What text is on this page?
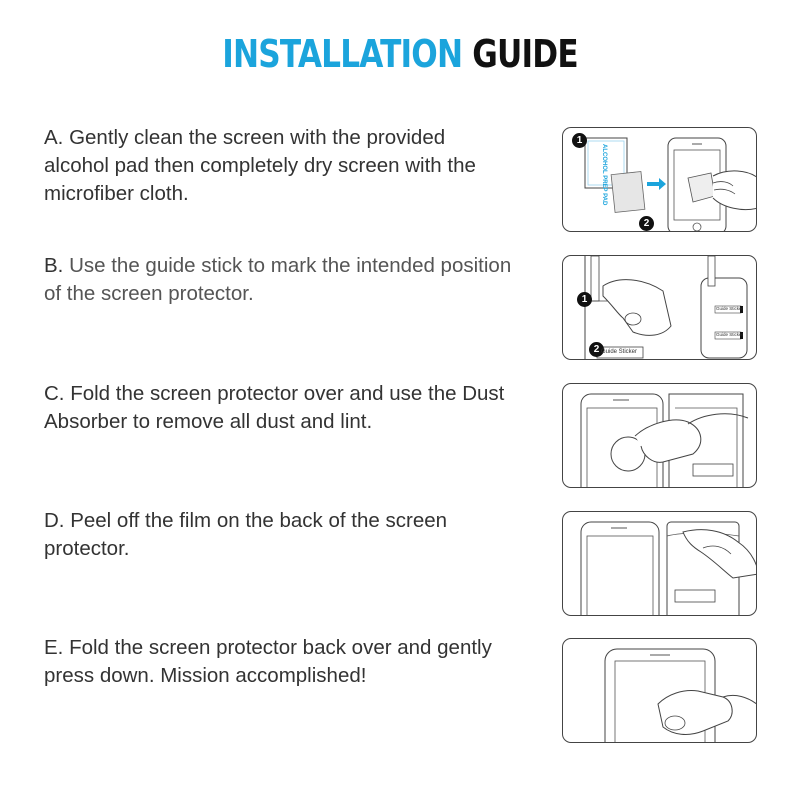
INSTALLATION GUIDE

A. Gently clean the screen with the provided alcohol pad then completely dry screen with the microfiber cloth.

1
2
ALCOHOL PREP PAD

B. Use the guide stick to mark the intended position of the screen protector.	1
2 Guide Sticker
Guide Sticker
Guide Sticker

C. Fold the screen protector over and use the Dust Absorber to remove all dust and lint.

D. Peel off the film on the back of the screen protector.

E. Fold the screen protector back over and gently press down. Mission accomplished!
